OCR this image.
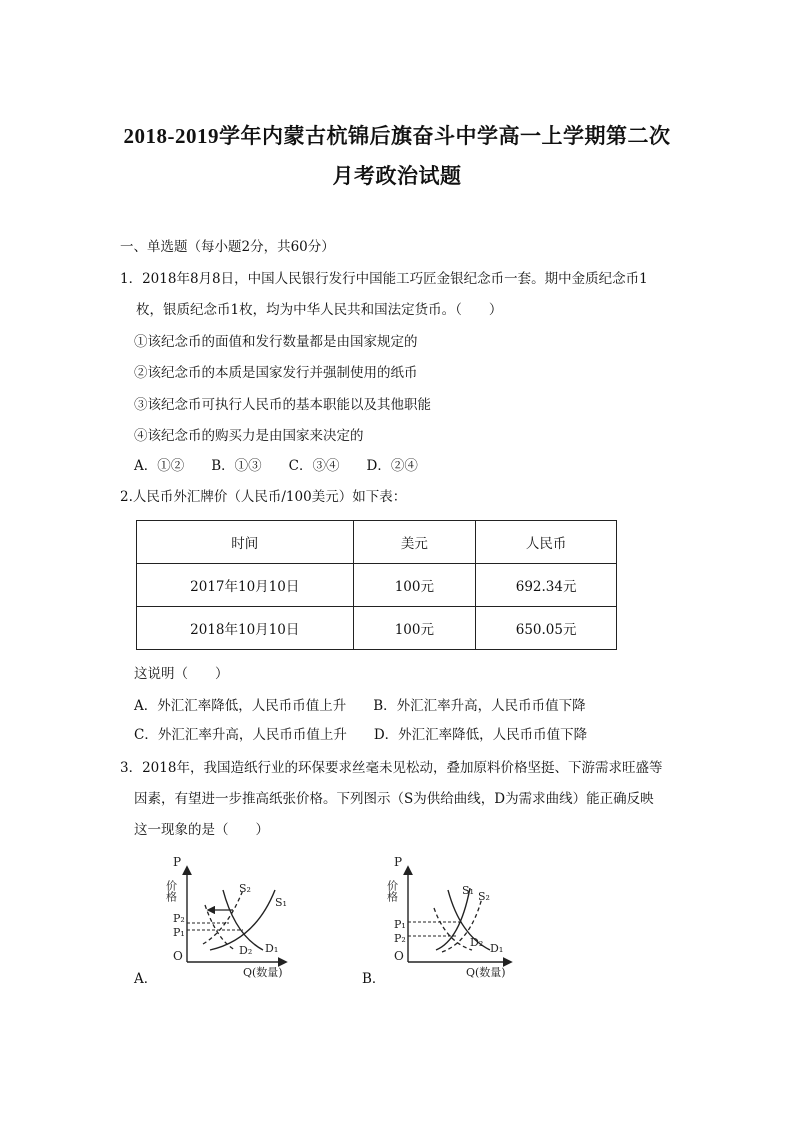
2018-2019学年内蒙古杭锦后旗奋斗中学高一上学期第二次
月考政治试题
一、单选题（每小题2分，共60分）
1．2018年8月8日，中国人民银行发行中国能工巧匠金银纪念币一套。期中金质纪念币1
枚，银质纪念币1枚，均为中华人民共和国法定货币。（　　）
①该纪念币的面值和发行数量都是由国家规定的
②该纪念币的本质是国家发行并强制使用的纸币
③该纪念币可执行人民币的基本职能以及其他职能
④该纪念币的购买力是由国家来决定的
A．①②　　B．①③　　C．③④　　D．②④
2.人民币外汇牌价（人民币/100美元）如下表：
时间	美元	人民币
2017年10月10日	100元	692.34元
2018年10月10日	100元	650.05元
这说明（　　）
A．外汇汇率降低，人民币币值上升　　B．外汇汇率升高，人民币币值下降
C．外汇汇率升高，人民币币值上升　　D．外汇汇率降低，人民币币值下降
3．2018年，我国造纸行业的环保要求丝毫未见松动，叠加原料价格坚挺、下游需求旺盛等
因素，有望进一步推高纸张价格。下列图示（S为供给曲线，D为需求曲线）能正确反映
这一现象的是（　　）
P
价格
O
Q(数量)
P₂
P₁
S₁
S₂
D₁
D₂
A．
P
价格
O
Q(数量)
P₁
P₂
S₁ S₂
D₁
D₂
B．
